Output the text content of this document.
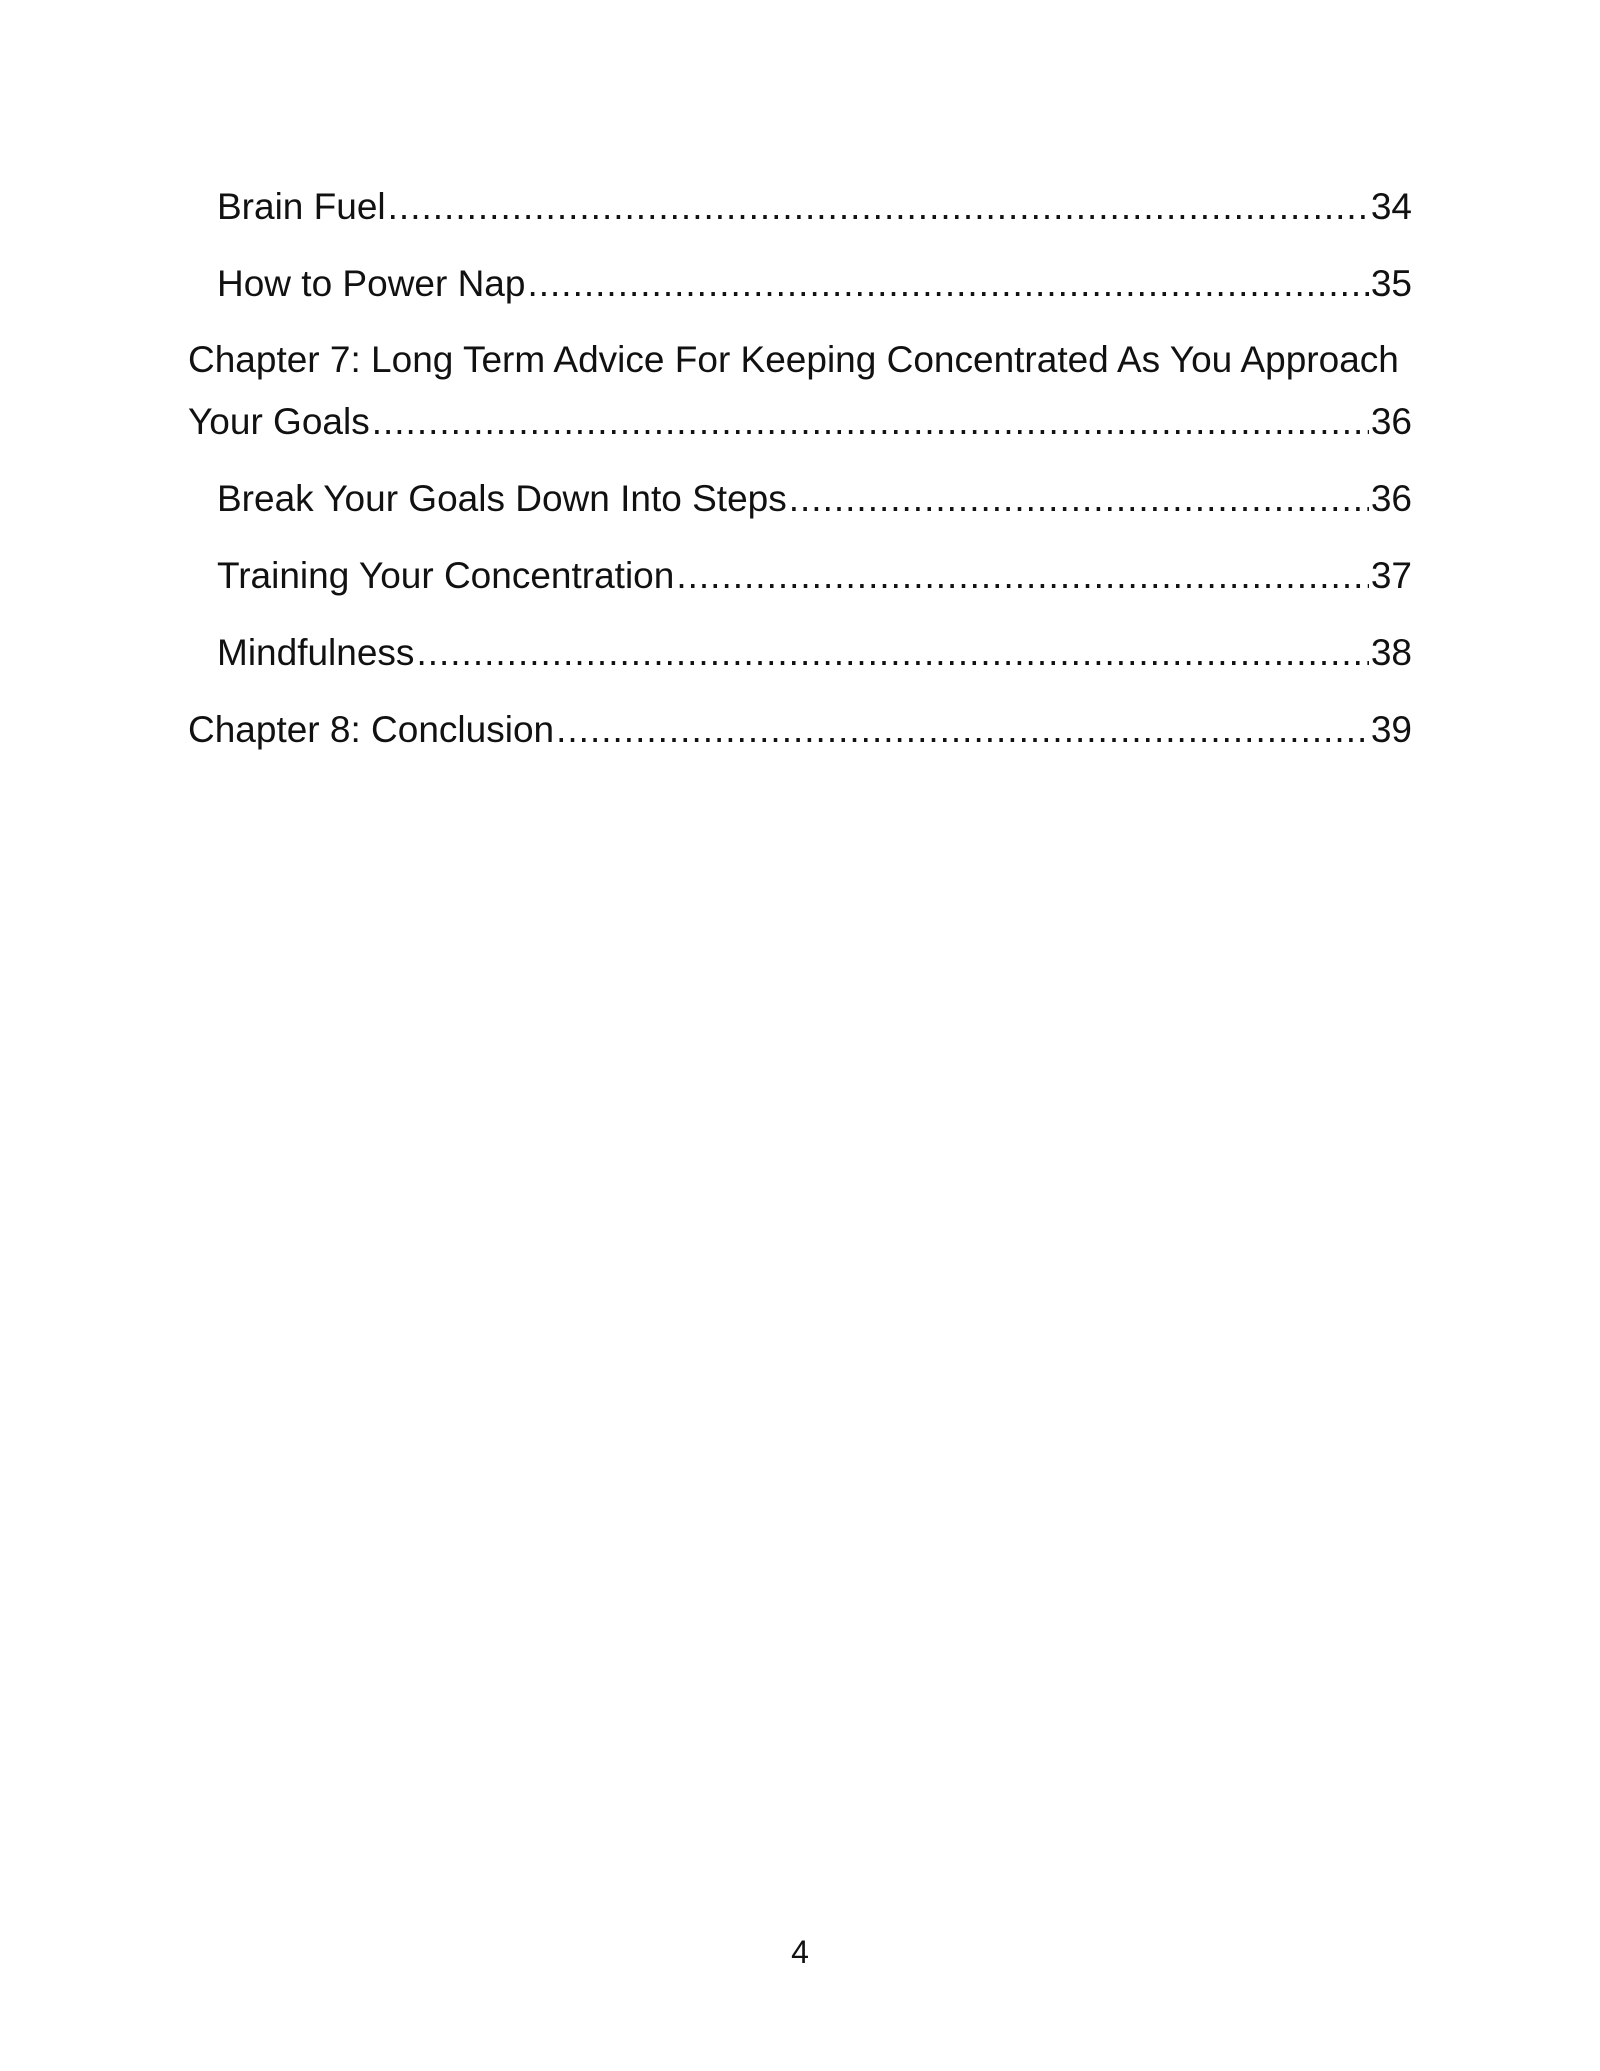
Brain Fuel .....	34
How to Power Nap .....	35
Chapter 7: Long Term Advice For Keeping Concentrated As You Approach
Your Goals .....	36
Break Your Goals Down Into Steps .....	36
Training Your Concentration .....	37
Mindfulness .....	38
Chapter 8: Conclusion .....	39
4
